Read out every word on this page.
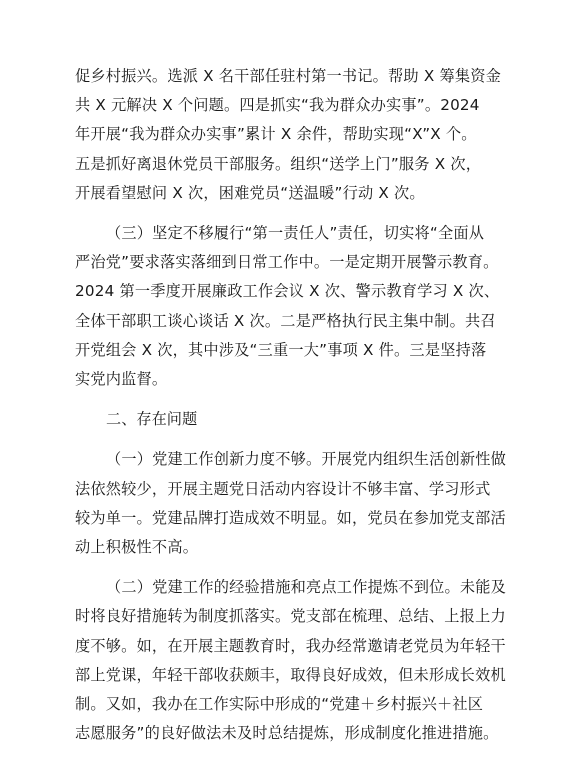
促乡村振兴。选派 X 名干部任驻村第一书记。帮助 X 筹集资金
共 X 元解决 X 个问题。四是抓实“我为群众办实事”。2024
年开展“我为群众办实事”累计 X 余件，帮助实现“X”X 个。
五是抓好离退休党员干部服务。组织“送学上门”服务 X 次，
开展看望慰问 X 次，困难党员“送温暖”行动 X 次。

（三）坚定不移履行“第一责任人”责任，切实将“全面从
严治党”要求落实落细到日常工作中。一是定期开展警示教育。
2024 第一季度开展廉政工作会议 X 次、警示教育学习 X 次、
全体干部职工谈心谈话 X 次。二是严格执行民主集中制。共召
开党组会 X 次，其中涉及“三重一大”事项 X 件。三是坚持落
实党内监督。

二、存在问题

（一）党建工作创新力度不够。开展党内组织生活创新性做
法依然较少，开展主题党日活动内容设计不够丰富、学习形式
较为单一。党建品牌打造成效不明显。如，党员在参加党支部活
动上积极性不高。

（二）党建工作的经验措施和亮点工作提炼不到位。未能及
时将良好措施转为制度抓落实。党支部在梳理、总结、上报上力
度不够。如，在开展主题教育时，我办经常邀请老党员为年轻干
部上党课，年轻干部收获颇丰，取得良好成效，但未形成长效机
制。又如，我办在工作实际中形成的“党建＋乡村振兴＋社区
志愿服务”的良好做法未及时总结提炼，形成制度化推进措施。
